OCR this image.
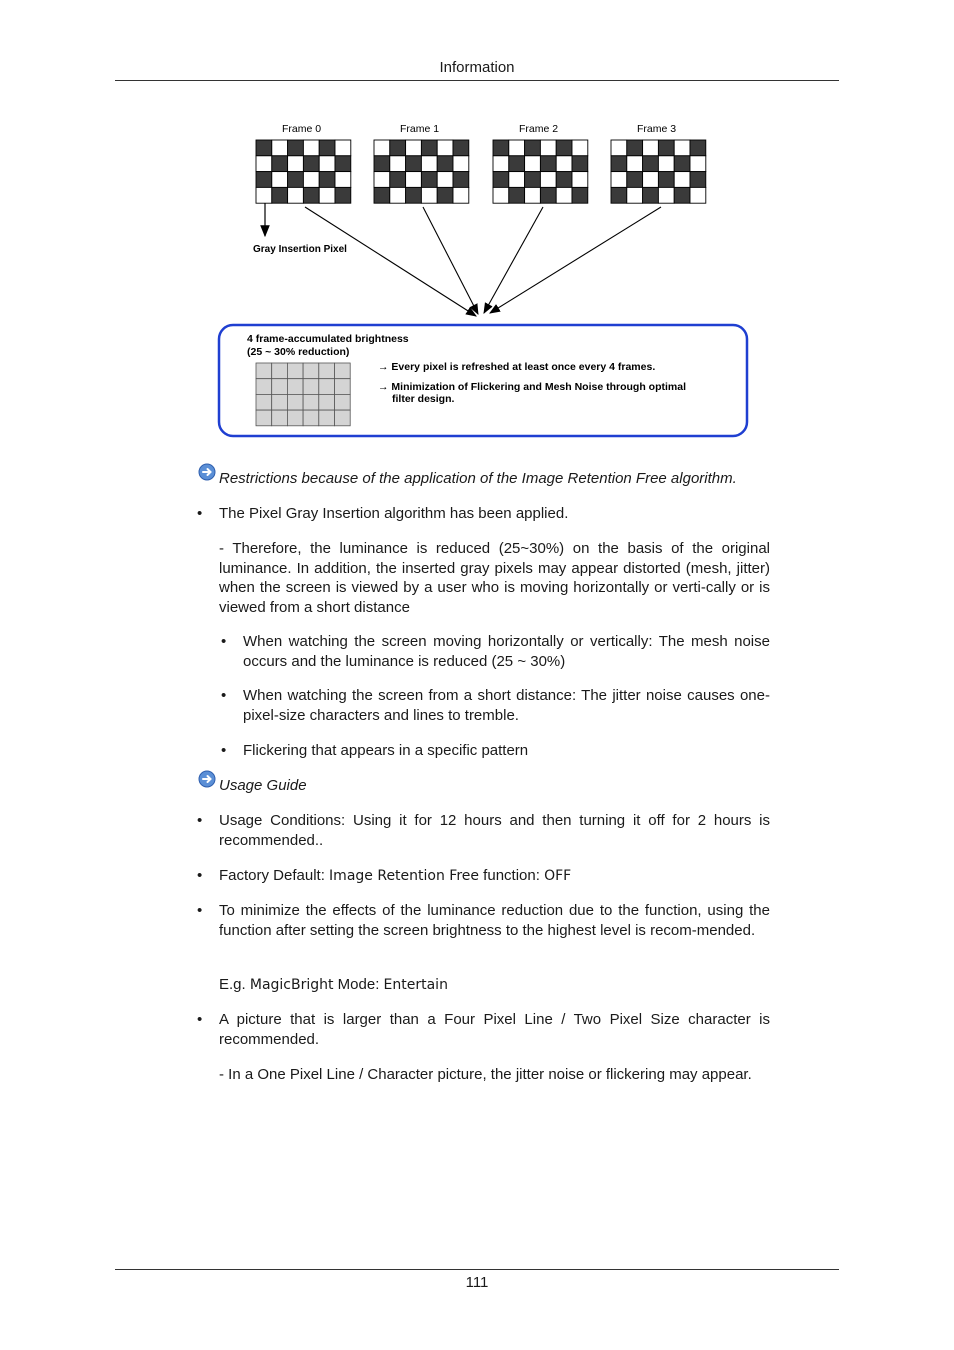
Information
Frame 0	Frame 1	Frame 2	Frame 3
Gray Insertion Pixel
4 frame-accumulated brightness
(25 ~ 30% reduction)
→ Every pixel is refreshed at least once every 4 frames.
→ Minimization of Flickering and Mesh Noise through optimal
filter design.
Restrictions because of the application of the Image Retention Free algorithm.
• The Pixel Gray Insertion algorithm has been applied.
- Therefore, the luminance is reduced (25~30%) on the basis of the original luminance. In addition, the inserted gray pixels may appear distorted (mesh, jitter) when the screen is viewed by a user who is moving horizontally or verti-cally or is viewed from a short distance
• When watching the screen moving horizontally or vertically: The mesh noise occurs and the luminance is reduced (25 ~ 30%)
• When watching the screen from a short distance: The jitter noise causes one-pixel-size characters and lines to tremble.
• Flickering that appears in a specific pattern
Usage Guide
• Usage Conditions: Using it for 12 hours and then turning it off for 2 hours is recommended..
• Factory Default: Image Retention Free function: OFF
• To minimize the effects of the luminance reduction due to the function, using the function after setting the screen brightness to the highest level is recom-mended.
E.g. MagicBright Mode: Entertain
• A picture that is larger than a Four Pixel Line / Two Pixel Size character is recommended.
- In a One Pixel Line / Character picture, the jitter noise or flickering may appear.
111
